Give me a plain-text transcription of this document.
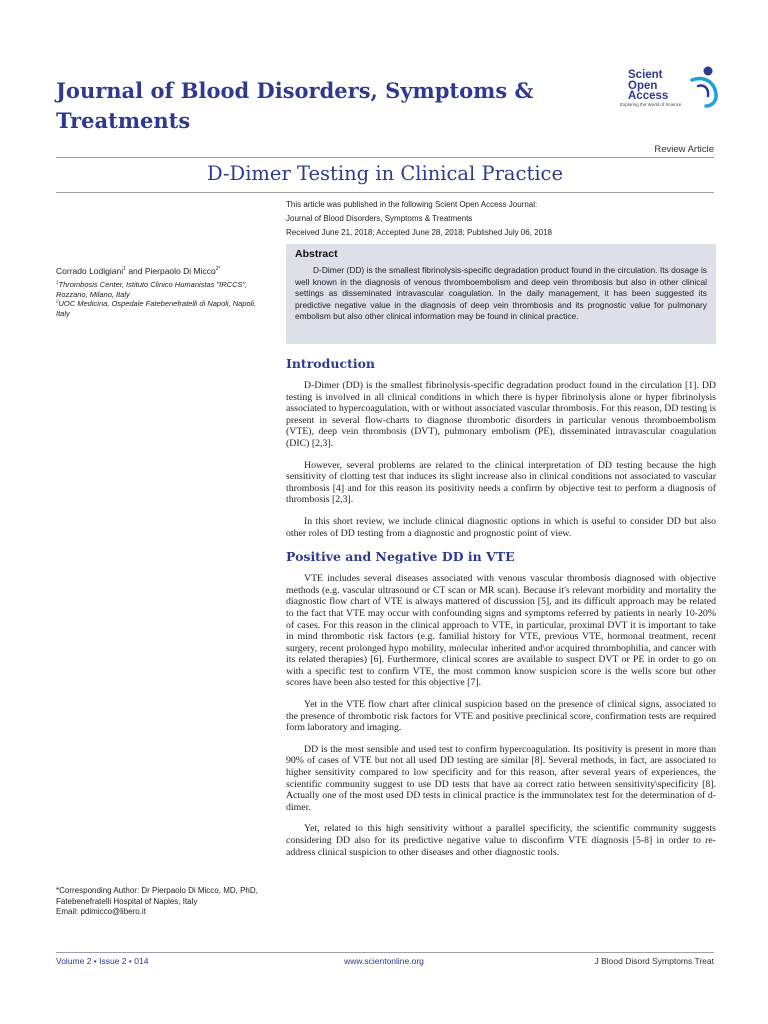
Journal of Blood Disorders, Symptoms & Treatments
Scient
Open
Access
Exploring the World of Science
Review Article
D-Dimer Testing in Clinical Practice
This article was published in the following Scient Open Access Journal:
Journal of Blood Disorders, Symptoms & Treatments
Received June 21, 2018; Accepted June 28, 2018; Published July 06, 2018
Abstract

D-Dimer (DD) is the smallest fibrinolysis-specific degradation product found in the circulation. Its dosage is well known in the diagnosis of venous thromboembolism and deep vein thrombosis but also in other clinical settings as disseminated intravascular coagulation. In the daily management, it has been suggested its predictive negative value in the diagnosis of deep vein thrombosis and its prognostic value for pulmonary embolism but also other clinical information may be found in clinical practice.

Corrado Lodigiani$^1$ and Pierpaolo Di Micco$^{2*}$
$^1$Thrombosis Center, Istituto Clinico Humanistas "IRCCS", Rozzano, Milano, Italy
$^2$UOC Medicina, Ospedale Fatebenefratelli di Napoli, Napoli, Italy
Introduction

D-Dimer (DD) is the smallest fibrinolysis-specific degradation product found in the circulation [1]. DD testing is involved in all clinical conditions in which there is hyper fibrinolysis alone or hyper fibrinolysis associated to hypercoagulation, with or without associated vascular thrombosis. For this reason, DD testing is present in several flow-charts to diagnose thrombotic disorders in particular venous thromboembolism (VTE), deep vein thrombosis (DVT), pulmonary embolism (PE), disseminated intravascular coagulation (DIC) [2,3].

However, several problems are related to the clinical interpretation of DD testing because the high sensitivity of clotting test that induces its slight increase also in clinical conditions not associated to vascular thrombosis [4] and for this reason its positivity needs a confirm by objective test to perform a diagnosis of thrombosis [2,3].

In this short review, we include clinical diagnostic options in which is useful to consider DD but also other roles of DD testing from a diagnostic and prognostic point of view.

Positive and Negative DD in VTE

VTE includes several diseases associated with venous vascular thrombosis diagnosed with objective methods (e.g. vascular ultrasound or CT scan or MR scan). Because it's relevant morbidity and mortality the diagnostic flow chart of VTE is always mattered of discussion [5], and its difficult approach may be related to the fact that VTE may occur with confounding signs and symptoms referred by patients in nearly 10-20% of cases. For this reason in the clinical approach to VTE, in particular, proximal DVT it is important to take in mind thrombotic risk factors (e.g. familial history for VTE, previous VTE, hormonal treatment, recent surgery, recent prolonged hypo mobility, molecular inherited and\or acquired thrombophilia, and cancer with its related therapies) [6]. Furthermore, clinical scores are available to suspect DVT or PE in order to go on with a specific test to confirm VTE, the most common know suspicion score is the wells score but other scores have been also tested for this objective [7].

Yet in the VTE flow chart after clinical suspicion based on the presence of clinical signs, associated to the presence of thrombotic risk factors for VTE and positive preclinical score, confirmation tests are required form laboratory and imaging.

DD is the most sensible and used test to confirm hypercoagulation. Its positivity is present in more than 90% of cases of VTE but not all used DD testing are similar [8]. Several methods, in fact, are associated to higher sensitivity compared to low specificity and for this reason, after several years of experiences, the scientific community suggest to use DD tests that have aa correct ratio between sensitivity\specificity [8]. Actually one of the most used DD tests in clinical practice is the immunolatex test for the determination of d-dimer.

Yet, related to this high sensitivity without a parallel specificity, the scientific community suggests considering DD also for its predictive negative value to disconfirm VTE diagnosis [5-8] in order to re-address clinical suspicion to other diseases and other diagnostic tools.

*Corresponding Author: Dr Pierpaolo Di Micco, MD, PhD, Fatebenefratelli Hospital of Naples, Italy
Email: pdimicco@libero.it
Volume 2 • Issue 2 • 014	www.scientonline.org	J Blood Disord Symptoms Treat
